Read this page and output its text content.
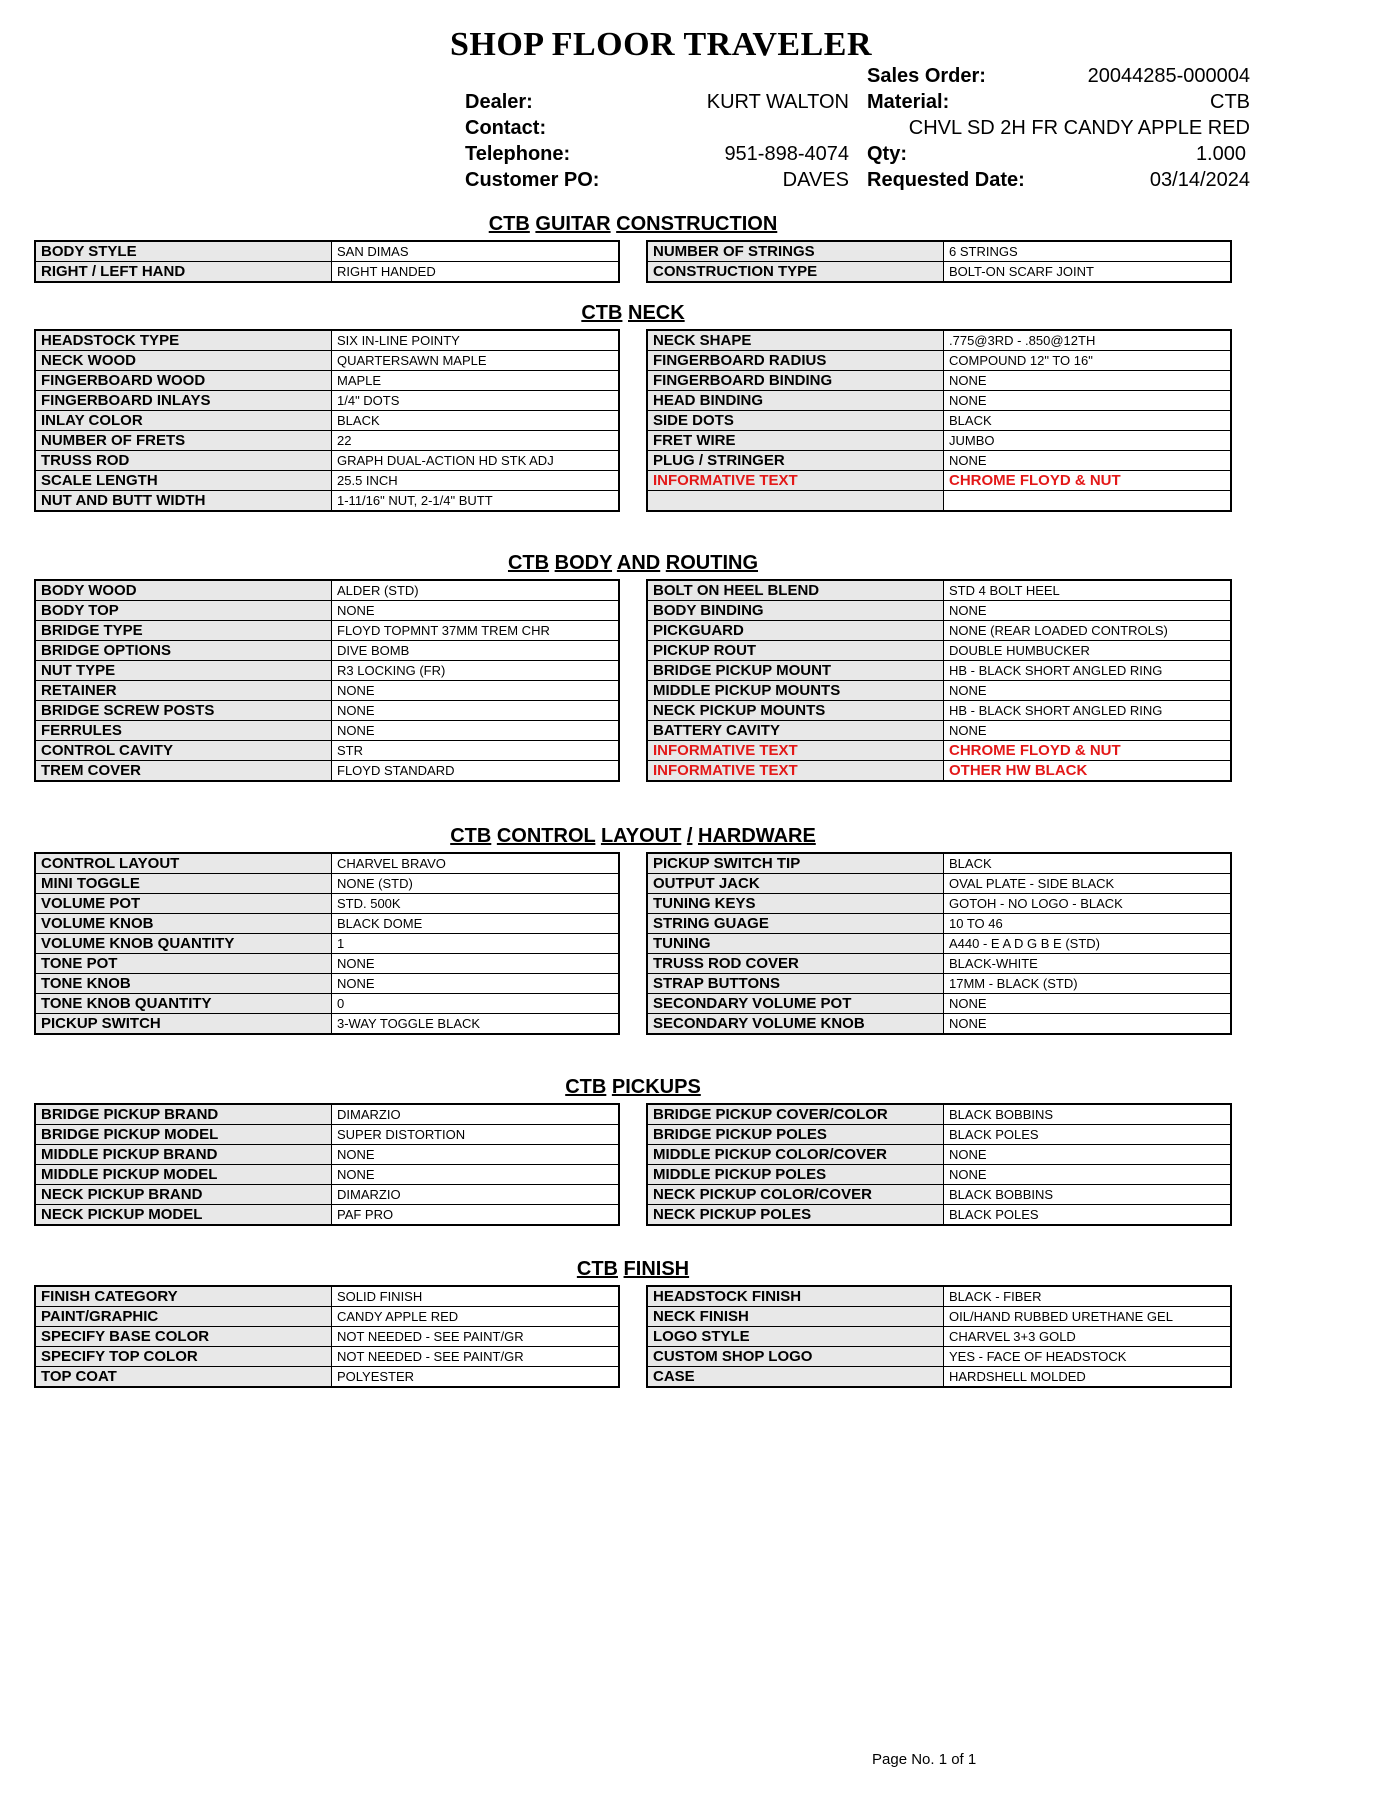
SHOP FLOOR TRAVELER
Sales Order:	20044285-000004
Dealer:	KURT WALTON Material:	CTB
Contact:	CHVL SD 2H FR CANDY APPLE RED
Telephone:	951-898-4074 Qty:	1.000
Customer PO:	DAVES Requested Date:	03/14/2024
CTB GUITAR CONSTRUCTION
BODY STYLE	SAN DIMAS
RIGHT / LEFT HAND	RIGHT HANDED
NUMBER OF STRINGS	6 STRINGS
CONSTRUCTION TYPE	BOLT-ON SCARF JOINT
CTB NECK
HEADSTOCK TYPE	SIX IN-LINE POINTY
NECK WOOD	QUARTERSAWN MAPLE
FINGERBOARD WOOD	MAPLE
FINGERBOARD INLAYS	1/4" DOTS
INLAY COLOR	BLACK
NUMBER OF FRETS	22
TRUSS ROD	GRAPH DUAL-ACTION HD STK ADJ
SCALE LENGTH	25.5 INCH
NUT AND BUTT WIDTH	1-11/16" NUT, 2-1/4" BUTT
NECK SHAPE	.775@3RD - .850@12TH
FINGERBOARD RADIUS	COMPOUND 12" TO 16"
FINGERBOARD BINDING	NONE
HEAD BINDING	NONE
SIDE DOTS	BLACK
FRET WIRE	JUMBO
PLUG / STRINGER	NONE
INFORMATIVE TEXT	CHROME FLOYD & NUT

CTB BODY AND ROUTING
BODY WOOD	ALDER (STD)
BODY TOP	NONE
BRIDGE TYPE	FLOYD TOPMNT 37MM TREM CHR
BRIDGE OPTIONS	DIVE BOMB
NUT TYPE	R3 LOCKING (FR)
RETAINER	NONE
BRIDGE SCREW POSTS	NONE
FERRULES	NONE
CONTROL CAVITY	STR
TREM COVER	FLOYD STANDARD
BOLT ON HEEL BLEND	STD 4 BOLT HEEL
BODY BINDING	NONE
PICKGUARD	NONE (REAR LOADED CONTROLS)
PICKUP ROUT	DOUBLE HUMBUCKER
BRIDGE PICKUP MOUNT	HB - BLACK SHORT ANGLED RING
MIDDLE PICKUP MOUNTS	NONE
NECK PICKUP MOUNTS	HB - BLACK SHORT ANGLED RING
BATTERY CAVITY	NONE
INFORMATIVE TEXT	CHROME FLOYD & NUT
INFORMATIVE TEXT	OTHER HW BLACK
CTB CONTROL LAYOUT / HARDWARE
CONTROL LAYOUT	CHARVEL BRAVO
MINI TOGGLE	NONE (STD)
VOLUME POT	STD. 500K
VOLUME KNOB	BLACK DOME
VOLUME KNOB QUANTITY	1
TONE POT	NONE
TONE KNOB	NONE
TONE KNOB QUANTITY	0
PICKUP SWITCH	3-WAY TOGGLE BLACK
PICKUP SWITCH TIP	BLACK
OUTPUT JACK	OVAL PLATE - SIDE BLACK
TUNING KEYS	GOTOH - NO LOGO - BLACK
STRING GUAGE	10 TO 46
TUNING	A440 - E A D G B E (STD)
TRUSS ROD COVER	BLACK-WHITE
STRAP BUTTONS	17MM - BLACK (STD)
SECONDARY VOLUME POT	NONE
SECONDARY VOLUME KNOB	NONE
CTB PICKUPS
BRIDGE PICKUP BRAND	DIMARZIO
BRIDGE PICKUP MODEL	SUPER DISTORTION
MIDDLE PICKUP BRAND	NONE
MIDDLE PICKUP MODEL	NONE
NECK PICKUP BRAND	DIMARZIO
NECK PICKUP MODEL	PAF PRO
BRIDGE PICKUP COVER/COLOR	BLACK BOBBINS
BRIDGE PICKUP POLES	BLACK POLES
MIDDLE PICKUP COLOR/COVER	NONE
MIDDLE PICKUP POLES	NONE
NECK PICKUP COLOR/COVER	BLACK BOBBINS
NECK PICKUP POLES	BLACK POLES
CTB FINISH
FINISH CATEGORY	SOLID FINISH
PAINT/GRAPHIC	CANDY APPLE RED
SPECIFY BASE COLOR	NOT NEEDED - SEE PAINT/GR
SPECIFY TOP COLOR	NOT NEEDED - SEE PAINT/GR
TOP COAT	POLYESTER
HEADSTOCK FINISH	BLACK - FIBER
NECK FINISH	OIL/HAND RUBBED URETHANE GEL
LOGO STYLE	CHARVEL 3+3 GOLD
CUSTOM SHOP LOGO	YES - FACE OF HEADSTOCK
CASE	HARDSHELL MOLDED
Page No. 1 of 1
